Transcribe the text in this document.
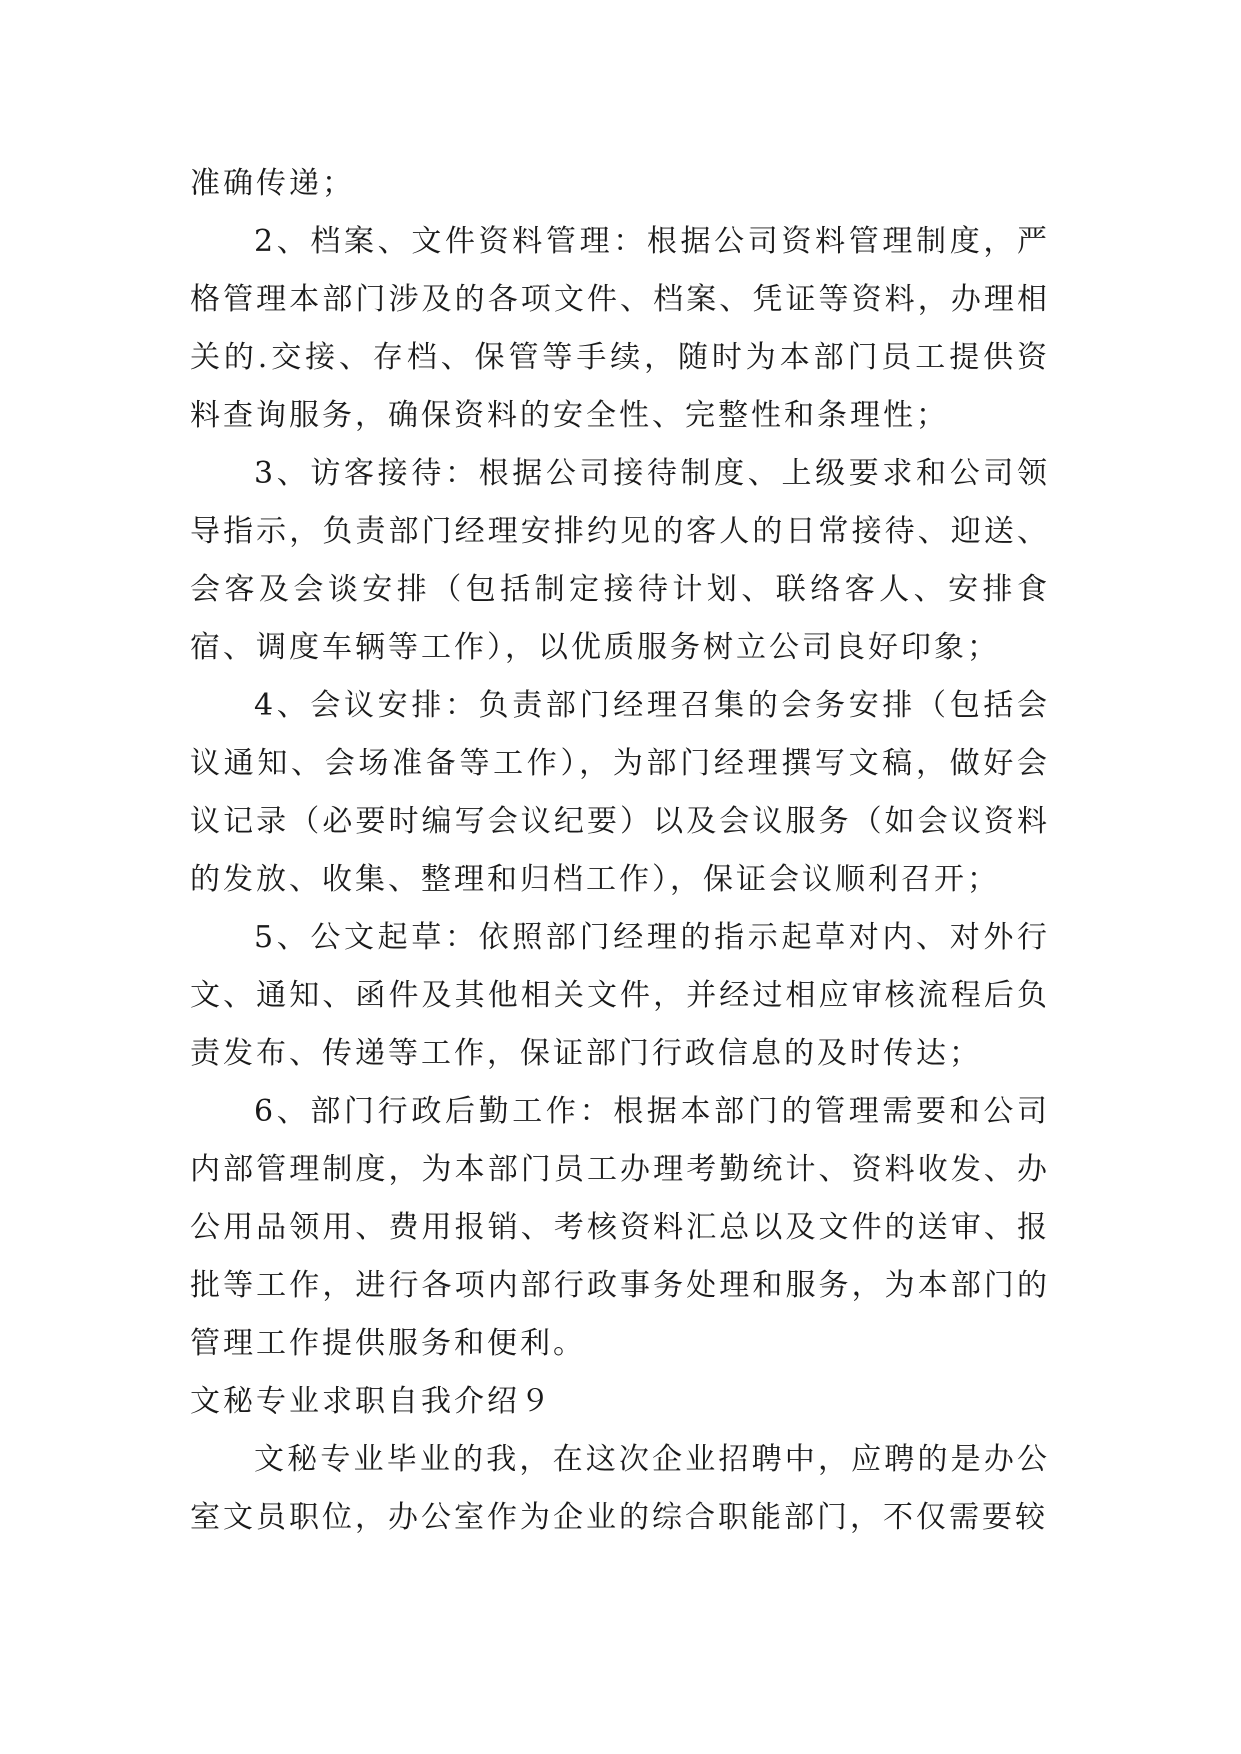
准确传递；

2、档案、文件资料管理：根据公司资料管理制度，严格管理本部门涉及的各项文件、档案、凭证等资料，办理相关的.交接、存档、保管等手续，随时为本部门员工提供资料查询服务，确保资料的安全性、完整性和条理性；

3、访客接待：根据公司接待制度、上级要求和公司领导指示，负责部门经理安排约见的客人的日常接待、迎送、会客及会谈安排（包括制定接待计划、联络客人、安排食宿、调度车辆等工作），以优质服务树立公司良好印象；

4、会议安排：负责部门经理召集的会务安排（包括会议通知、会场准备等工作），为部门经理撰写文稿，做好会议记录（必要时编写会议纪要）以及会议服务（如会议资料的发放、收集、整理和归档工作），保证会议顺利召开；

5、公文起草：依照部门经理的指示起草对内、对外行文、通知、函件及其他相关文件，并经过相应审核流程后负责发布、传递等工作，保证部门行政信息的及时传达；

6、部门行政后勤工作：根据本部门的管理需要和公司内部管理制度，为本部门员工办理考勤统计、资料收发、办公用品领用、费用报销、考核资料汇总以及文件的送审、报批等工作，进行各项内部行政事务处理和服务，为本部门的管理工作提供服务和便利。

文秘专业求职自我介绍９

文秘专业毕业的我，在这次企业招聘中，应聘的是办公室文员职位，办公室作为企业的综合职能部门，不仅需要较
